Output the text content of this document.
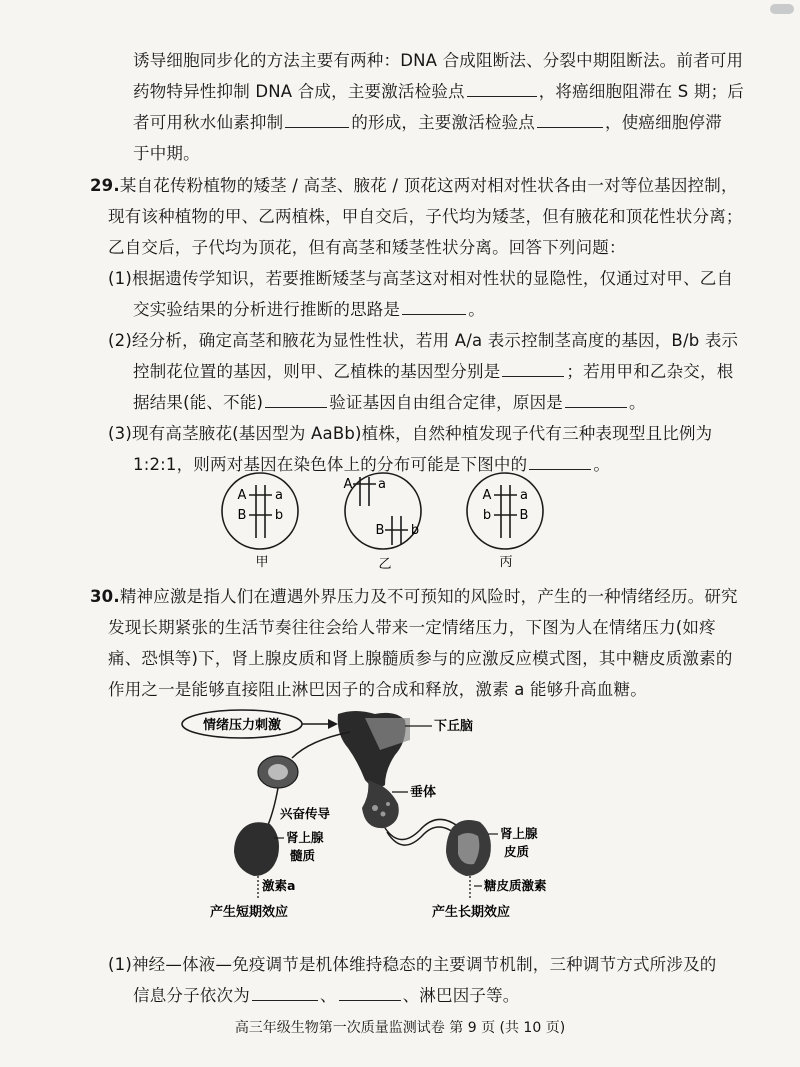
诱导细胞同步化的方法主要有两种：DNA 合成阻断法、分裂中期阻断法。前者可用
药物特异性抑制 DNA 合成，主要激活检验点	，将癌细胞阻滞在 S 期；后
者可用秋水仙素抑制	的形成，主要激活检验点	，使癌细胞停滞
于中期。
29.某自花传粉植物的矮茎 / 高茎、腋花 / 顶花这两对相对性状各由一对等位基因控制，
现有该种植物的甲、乙两植株，甲自交后，子代均为矮茎，但有腋花和顶花性状分离；
乙自交后，子代均为顶花，但有高茎和矮茎性状分离。回答下列问题：
(1)根据遗传学知识，若要推断矮茎与高茎这对相对性状的显隐性，仅通过对甲、乙自
交实验结果的分析进行推断的思路是	。
(2)经分析，确定高茎和腋花为显性性状，若用 A/a 表示控制茎高度的基因，B/b 表示
控制花位置的基因，则甲、乙植株的基因型分别是	；若用甲和乙杂交，根
据结果(能、不能)	验证基因自由组合定律，原因是	。
(3)现有高茎腋花(基因型为 AaBb)植株，自然种植发现子代有三种表现型且比例为
1:2:1，则两对基因在染色体上的分布可能是下图中的	。
A a
B b
甲
A a
B b
乙
A a
b B
丙
30.精神应激是指人们在遭遇外界压力及不可预知的风险时，产生的一种情绪经历。研究
发现长期紧张的生活节奏往往会给人带来一定情绪压力，下图为人在情绪压力(如疼
痛、恐惧等)下，肾上腺皮质和肾上腺髓质参与的应激反应模式图，其中糖皮质激素的
作用之一是能够直接阻止淋巴因子的合成和释放，激素 a 能够升高血糖。
情绪压力刺激	下丘脑
垂体
兴奋传导
肾上腺
髓质
激素a
产生短期效应
肾上腺
皮质
糖皮质激素
产生长期效应
(1)神经—体液—免疫调节是机体维持稳态的主要调节机制，三种调节方式所涉及的
信息分子依次为	、	、淋巴因子等。
高三年级生物第一次质量监测试卷 第 9 页 (共 10 页)
